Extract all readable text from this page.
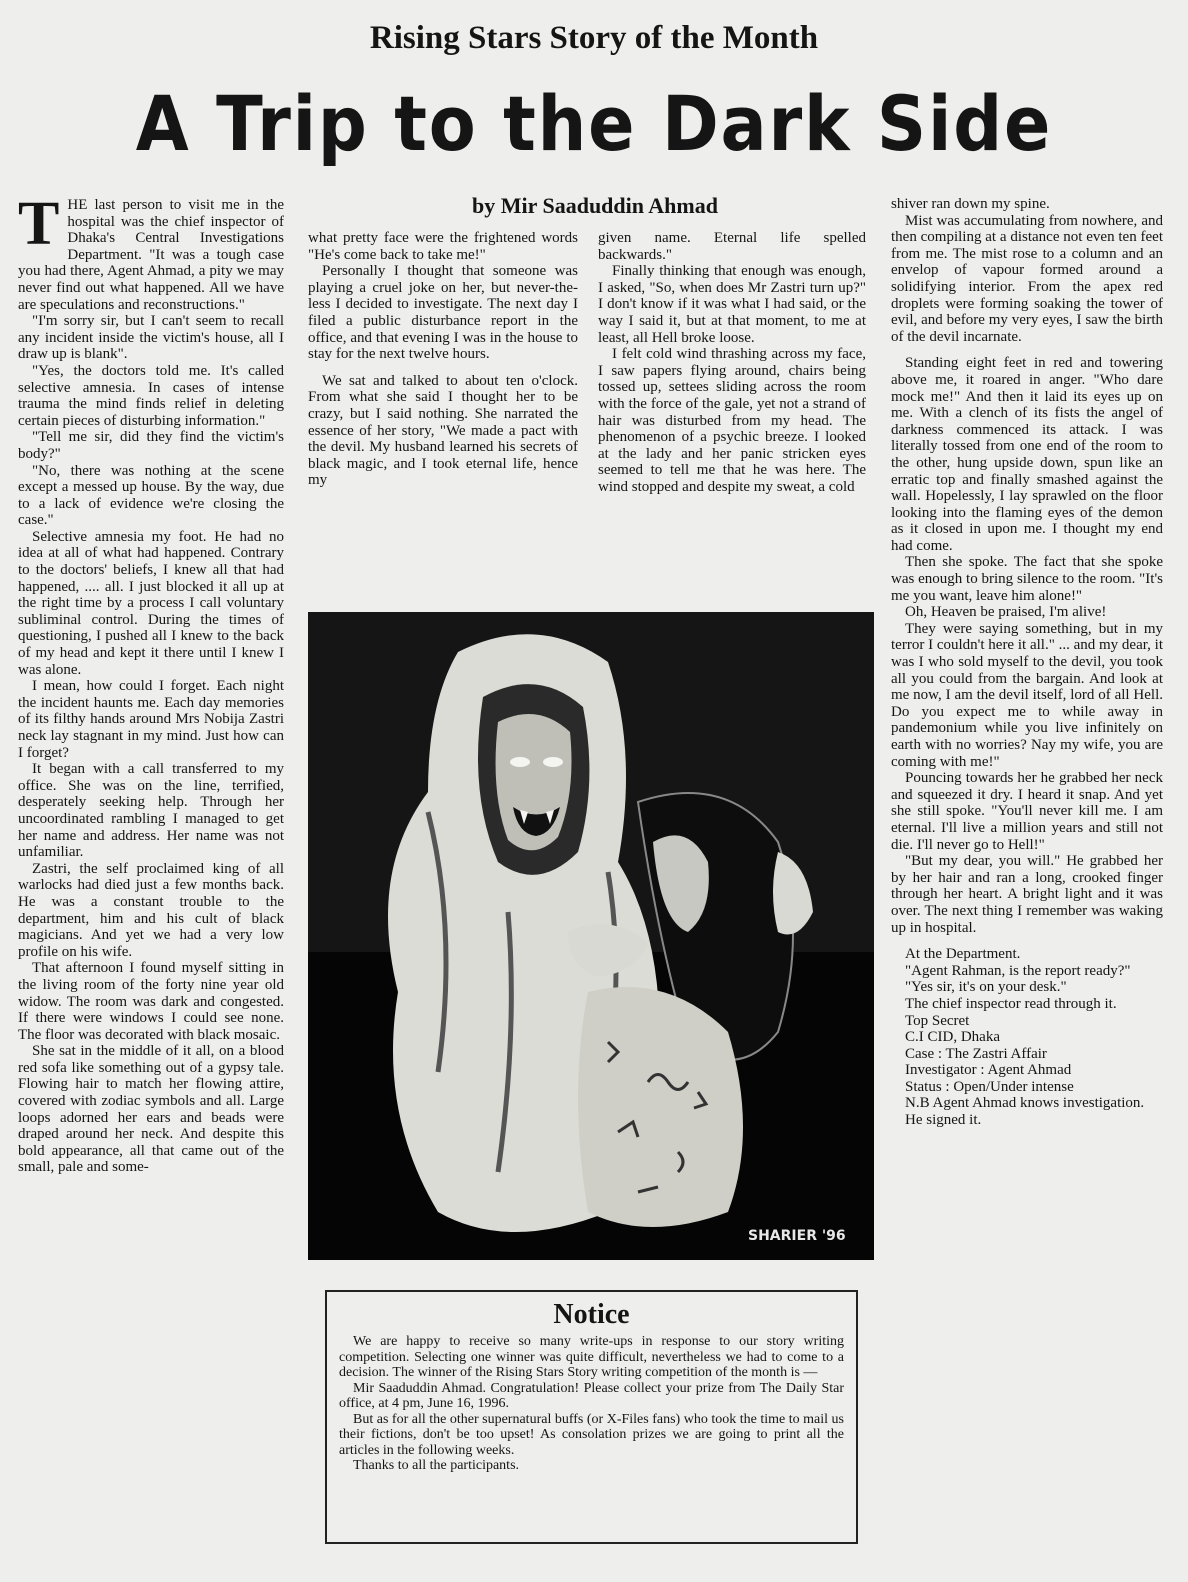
Rising Stars Story of the Month
A Trip to the Dark Side
by Mir Saaduddin Ahmad
T HE last person to visit me in the hospital was the chief inspector of Dhaka's Central Investigations Department. "It was a tough case you had there, Agent Ahmad, a pity we may never find out what happened. All we have are speculations and reconstructions."

"I'm sorry sir, but I can't seem to recall any incident inside the victim's house, all I draw up is blank".

"Yes, the doctors told me. It's called selective amnesia. In cases of intense trauma the mind finds relief in deleting certain pieces of disturbing information."

"Tell me sir, did they find the victim's body?"

"No, there was nothing at the scene except a messed up house. By the way, due to a lack of evidence we're closing the case."

Selective amnesia my foot. He had no idea at all of what had happened. Contrary to the doctors' beliefs, I knew all that had happened, .... all. I just blocked it all up at the right time by a process I call voluntary subliminal control. During the times of questioning, I pushed all I knew to the back of my head and kept it there until I knew I was alone.

I mean, how could I forget. Each night the incident haunts me. Each day memories of its filthy hands around Mrs Nobija Zastri neck lay stagnant in my mind. Just how can I forget?

It began with a call transferred to my office. She was on the line, terrified, desperately seeking help. Through her uncoordinated rambling I managed to get her name and address. Her name was not unfamiliar.

Zastri, the self proclaimed king of all warlocks had died just a few months back. He was a constant trouble to the department, him and his cult of black magicians. And yet we had a very low profile on his wife.

That afternoon I found myself sitting in the living room of the forty nine year old widow. The room was dark and congested. If there were windows I could see none. The floor was decorated with black mosaic.

She sat in the middle of it all, on a blood red sofa like something out of a gypsy tale. Flowing hair to match her flowing attire, covered with zodiac symbols and all. Large loops adorned her ears and beads were draped around her neck. And despite this bold appearance, all that came out of the small, pale and some-

what pretty face were the frightened words "He's come back to take me!"

Personally I thought that someone was playing a cruel joke on her, but never-the-less I decided to investigate. The next day I filed a public disturbance report in the office, and that evening I was in the house to stay for the next twelve hours.

We sat and talked to about ten o'clock. From what she said I thought her to be crazy, but I said nothing. She narrated the essence of her story, "We made a pact with the devil. My husband learned his secrets of black magic, and I took eternal life, hence my

given name. Eternal life spelled backwards."

Finally thinking that enough was enough, I asked, "So, when does Mr Zastri turn up?" I don't know if it was what I had said, or the way I said it, but at that moment, to me at least, all Hell broke loose.

I felt cold wind thrashing across my face, I saw papers flying around, chairs being tossed up, settees sliding across the room with the force of the gale, yet not a strand of hair was disturbed from my head. The phenomenon of a psychic breeze. I looked at the lady and her panic stricken eyes seemed to tell me that he was here. The wind stopped and despite my sweat, a cold

shiver ran down my spine.

Mist was accumulating from nowhere, and then compiling at a distance not even ten feet from me. The mist rose to a column and an envelop of vapour formed around a solidifying interior. From the apex red droplets were forming soaking the tower of evil, and before my very eyes, I saw the birth of the devil incarnate.

Standing eight feet in red and towering above me, it roared in anger. "Who dare mock me!" And then it laid its eyes up on me. With a clench of its fists the angel of darkness commenced its attack. I was literally tossed from one end of the room to the other, hung upside down, spun like an erratic top and finally smashed against the wall. Hopelessly, I lay sprawled on the floor looking into the flaming eyes of the demon as it closed in upon me. I thought my end had come.

Then she spoke. The fact that she spoke was enough to bring silence to the room. "It's me you want, leave him alone!"

Oh, Heaven be praised, I'm alive!

They were saying something, but in my terror I couldn't here it all." ... and my dear, it was I who sold myself to the devil, you took all you could from the bargain. And look at me now, I am the devil itself, lord of all Hell. Do you expect me to while away in pandemonium while you live infinitely on earth with no worries? Nay my wife, you are coming with me!"

Pouncing towards her he grabbed her neck and squeezed it dry. I heard it snap. And yet she still spoke. "You'll never kill me. I am eternal. I'll live a million years and still not die. I'll never go to Hell!"

"But my dear, you will." He grabbed her by her hair and ran a long, crooked finger through her heart. A bright light and it was over. The next thing I remember was waking up in hospital.

At the Department.

"Agent Rahman, is the report ready?"

"Yes sir, it's on your desk."

The chief inspector read through it.

Top Secret

C.I CID, Dhaka

Case : The Zastri Affair

Investigator : Agent Ahmad

Status : Open/Under intense

N.B Agent Ahmad knows investigation.

He signed it.

SHARIER '96
Notice

We are happy to receive so many write-ups in response to our story writing competition. Selecting one winner was quite difficult, nevertheless we had to come to a decision. The winner of the Rising Stars Story writing competition of the month is —

Mir Saaduddin Ahmad. Congratulation! Please collect your prize from The Daily Star office, at 4 pm, June 16, 1996.

But as for all the other supernatural buffs (or X-Files fans) who took the time to mail us their fictions, don't be too upset! As consolation prizes we are going to print all the articles in the following weeks.

Thanks to all the participants.
